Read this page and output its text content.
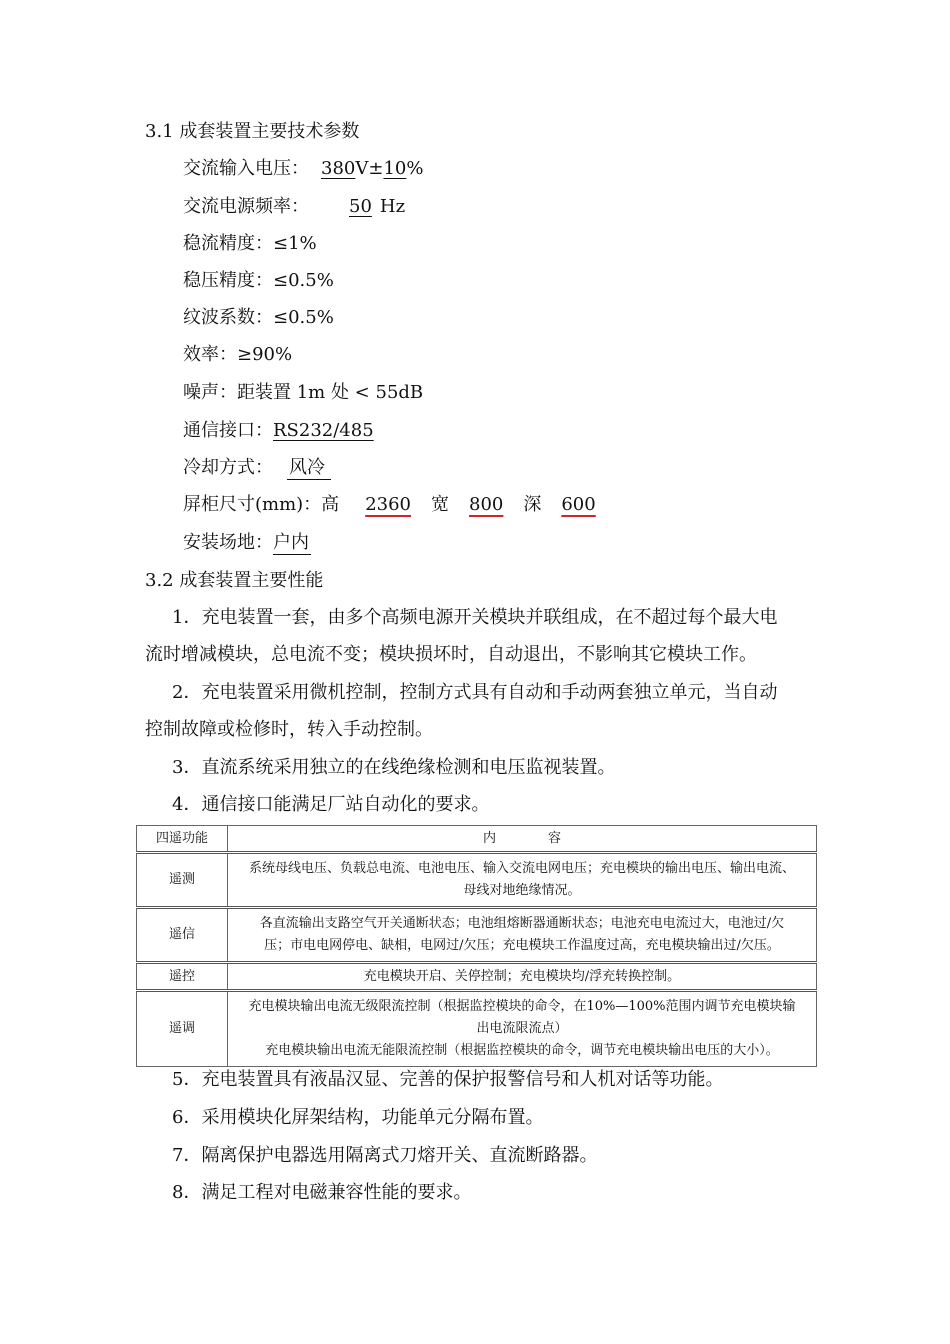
3.1 成套装置主要技术参数
交流输入电压： 380V±10%
交流电源频率： 50 Hz
稳流精度：≤1%
稳压精度：≤0.5%
纹波系数：≤0.5%
效率：≥90%
噪声：距装置 1m 处 < 55dB
通信接口：RS232/485
冷却方式： 风冷
屏柜尺寸(mm)：高 2360 宽 800 深 600
安装场地：户内
3.2 成套装置主要性能
1．充电装置一套，由多个高频电源开关模块并联组成，在不超过每个最大电
流时增减模块，总电流不变；模块损坏时，自动退出，不影响其它模块工作。
2．充电装置采用微机控制，控制方式具有自动和手动两套独立单元，当自动
控制故障或检修时，转入手动控制。
3．直流系统采用独立的在线绝缘检测和电压监视装置。
4．通信接口能满足厂站自动化的要求。
四遥功能	内　　　　容
遥测	系统母线电压、负载总电流、电池电压、输入交流电网电压；充电模块的输出电压、输出电流、
母线对地绝缘情况。

遥信	各直流输出支路空气开关通断状态；电池组熔断器通断状态；电池充电电流过大，电池过/欠
压；市电电网停电、缺相，电网过/欠压；充电模块工作温度过高，充电模块输出过/欠压。

遥控	充电模块开启、关停控制；充电模块均/浮充转换控制。

遥调	充电模块输出电流无级限流控制（根据监控模块的命令，在10%—100%范围内调节充电模块输
出电流限流点）
充电模块输出电流无能限流控制（根据监控模块的命令，调节充电模块输出电压的大小）。
5．充电装置具有液晶汉显、完善的保护报警信号和人机对话等功能。
6．采用模块化屏架结构，功能单元分隔布置。
7．隔离保护电器选用隔离式刀熔开关、直流断路器。
8．满足工程对电磁兼容性能的要求。
